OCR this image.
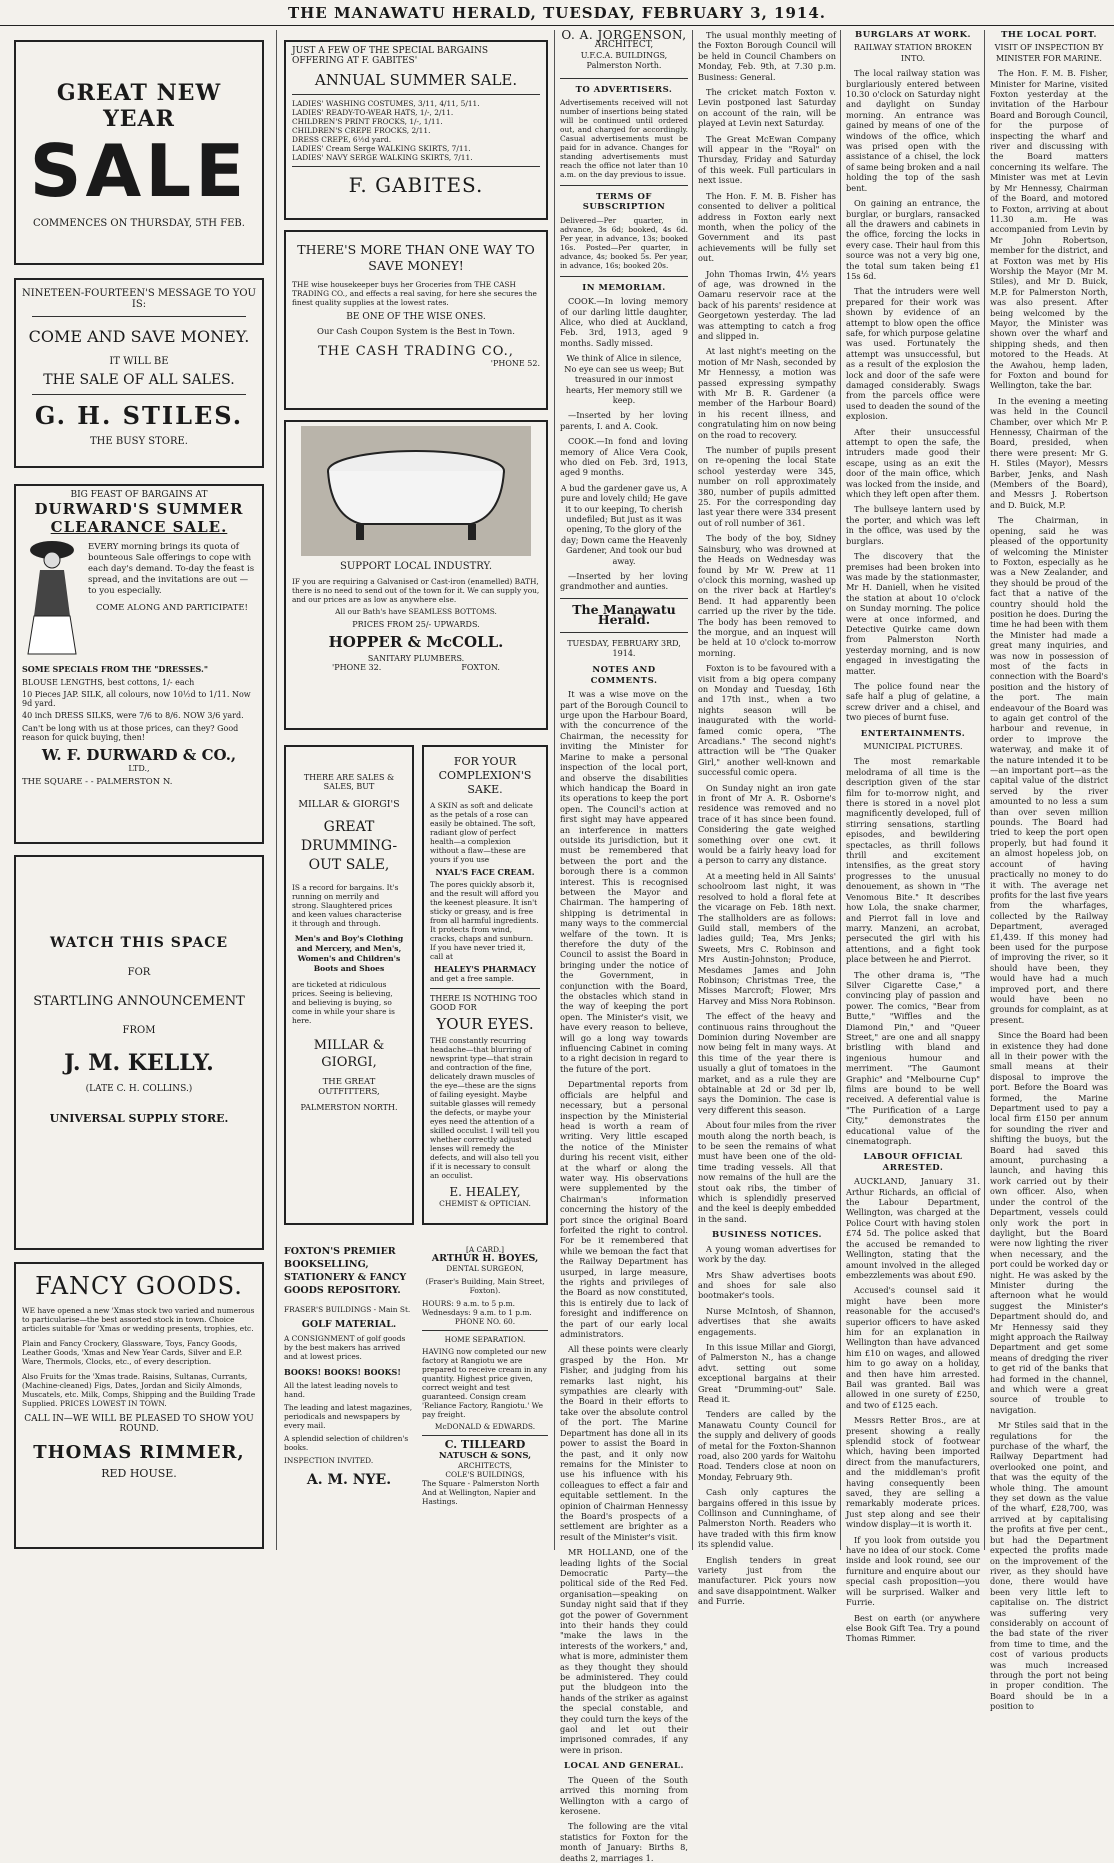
THE MANAWATU HERALD, TUESDAY, FEBRUARY 3, 1914.
GREAT NEW YEAR
SALE
COMMENCES ON THURSDAY, 5TH FEB.
NINETEEN-FOURTEEN'S MESSAGE TO YOU IS:
COME AND SAVE MONEY.
IT WILL BE
THE SALE OF ALL SALES.
G. H. STILES.
THE BUSY STORE.
BIG FEAST OF BARGAINS AT
DURWARD'S SUMMER
CLEARANCE SALE.
EVERY morning brings its quota of bounteous Sale offerings to cope with each day's demand. To-day the feast is spread, and the invitations are out —to you especially.
COME ALONG AND PARTICIPATE!
SOME SPECIALS FROM THE "DRESSES."
BLOUSE LENGTHS, best cottons, 1/- each
10 Pieces JAP. SILK, all colours, now 10½d to 1/11. Now 9d yard.
40 inch DRESS SILKS, were 7/6 to 8/6. NOW 3/6 yard.
Can't be long with us at those prices, can they? Good reason for quick buying, then!
W. F. DURWARD & CO.,
LTD.,
THE SQUARE - - PALMERSTON N.
WATCH THIS SPACE
FOR
STARTLING ANNOUNCEMENT
FROM
J. M. KELLY.
(LATE C. H. COLLINS.)
UNIVERSAL SUPPLY STORE.
FANCY GOODS.
WE have opened a new 'Xmas stock two varied and numerous to particularise—the best assorted stock in town. Choice articles suitable for 'Xmas or wedding presents, trophies, etc.
Plain and Fancy Crockery, Glassware, Toys, Fancy Goods, Leather Goods, 'Xmas and New Year Cards, Silver and E.P. Ware, Thermols, Clocks, etc., of every description.
Also Fruits for the 'Xmas trade. Raisins, Sultanas, Currants, (Machine-cleaned) Figs, Dates, Jordan and Sicily Almonds, Muscatels, etc. Milk, Comps, Shipping and the Building Trade Supplied. PRICES LOWEST IN TOWN.
CALL IN—WE WILL BE PLEASED TO SHOW YOU ROUND.
THOMAS RIMMER,
RED HOUSE.
JUST A FEW OF THE SPECIAL BARGAINS OFFERING AT F. GABITES'
ANNUAL SUMMER SALE.
LADIES' WASHING COSTUMES, 3/11, 4/11, 5/11.
LADIES' READY-TO-WEAR HATS, 1/-, 2/11.
CHILDREN'S PRINT FROCKS, 1/-, 1/11.
CHILDREN'S CREPE FROCKS, 2/11.
DRESS CREPE, 6½d yard.
LADIES' Cream Serge WALKING SKIRTS, 7/11.
LADIES' NAVY SERGE WALKING SKIRTS, 7/11.
F. GABITES.
THERE'S MORE THAN ONE WAY TO SAVE MONEY!
THE wise housekeeper buys her Groceries from THE CASH TRADING CO., and effects a real saving, for here she secures the finest quality supplies at the lowest rates.
BE ONE OF THE WISE ONES.
Our Cash Coupon System is the Best in Town.
THE CASH TRADING CO.,
'PHONE 52.
SUPPORT LOCAL INDUSTRY.
IF you are requiring a Galvanised or Cast-iron (enamelled) BATH, there is no need to send out of the town for it. We can supply you, and our prices are as low as anywhere else.
All our Bath's have SEAMLESS BOTTOMS.
PRICES FROM 25/- UPWARDS.
HOPPER & McCOLL.
SANITARY PLUMBERS.
'PHONE 32.	FOXTON.
THERE ARE SALES & SALES, BUT
MILLAR & GIORGI'S
GREAT DRUMMING-OUT SALE,
IS a record for bargains. It's running on merrily and strong. Slaughtered prices and keen values characterise it through and through.
Men's and Boy's Clothing and Mercery, and Men's, Women's and Children's Boots and Shoes
are ticketed at ridiculous prices. Seeing is believing, and believing is buying, so come in while your share is here.
MILLAR & GIORGI,
THE GREAT OUTFITTERS,
PALMERSTON NORTH.
FOR YOUR COMPLEXION'S SAKE.
A SKIN as soft and delicate as the petals of a rose can easily be obtained. The soft, radiant glow of perfect health—a complexion without a flaw—these are yours if you use
NYAL'S FACE CREAM.
The pores quickly absorb it, and the result will afford you the keenest pleasure. It isn't sticky or greasy, and is free from all harmful ingredients. It protects from wind, cracks, chaps and sunburn. If you have never tried it, call at
HEALEY'S PHARMACY
and get a free sample.
THERE IS NOTHING TOO GOOD FOR
YOUR EYES.
THE constantly recurring headache—that blurring of newsprint type—that strain and contraction of the fine, delicately drawn muscles of the eye—these are the signs of failing eyesight. Maybe suitable glasses will remedy the defects, or maybe your eyes need the attention of a skilled occulist. I will tell you whether correctly adjusted lenses will remedy the defects, and will also tell you if it is necessary to consult an occulist.
E. HEALEY,
CHEMIST & OPTICIAN.
FOXTON'S PREMIER BOOKSELLING, STATIONERY & FANCY GOODS REPOSITORY.
FRASER'S BUILDINGS - Main St.
GOLF MATERIAL.
A CONSIGNMENT of golf goods by the best makers has arrived and at lowest prices.
BOOKS! BOOKS! BOOKS!
All the latest leading novels to hand.
The leading and latest magazines, periodicals and newspapers by every mail.
A splendid selection of children's books.
INSPECTION INVITED.
A. M. NYE.
[A CARD.]
ARTHUR H. BOYES,
DENTAL SURGEON,
(Fraser's Building, Main Street, Foxton).
HOURS: 9 a.m. to 5 p.m. Wednesdays: 9 a.m. to 1 p.m.
PHONE NO. 60.
HOME SEPARATION.
HAVING now completed our new factory at Rangiotu we are prepared to receive cream in any quantity. Highest price given, correct weight and test guaranteed. Consign cream 'Reliance Factory, Rangiotu.' We pay freight.
McDONALD & EDWARDS.
C. TILLEARD
NATUSCH & SONS,
ARCHITECTS,
COLE'S BUILDINGS,
The Square - Palmerston North
And at Wellington, Napier and Hastings.
O. A. JORGENSON,
ARCHITECT,
U.F.C.A. BUILDINGS,
Palmerston North.
TO ADVERTISERS.
Advertisements received will not number of insertions being stated will be continued until ordered out, and charged for accordingly. Casual advertisements must be paid for in advance. Changes for standing advertisements must reach the office not later than 10 a.m. on the day previous to issue.
TERMS OF SUBSCRIPTION
Delivered—Per quarter, in advance, 3s 6d; booked, 4s 6d. Per year, in advance, 13s; booked 16s. Posted—Per quarter, in advance, 4s; booked 5s. Per year, in advance, 16s; booked 20s.
IN MEMORIAM.
COOK.—In loving memory of our darling little daughter, Alice, who died at Auckland, Feb. 3rd, 1913, aged 9 months. Sadly missed.
We think of Alice in silence, No eye can see us weep; But treasured in our inmost hearts, Her memory still we keep.
—Inserted by her loving parents, I. and A. Cook.
COOK.—In fond and loving memory of Alice Vera Cook, who died on Feb. 3rd, 1913, aged 9 months.
A bud the gardener gave us, A pure and lovely child; He gave it to our keeping, To cherish undefiled; But just as it was opening, To the glory of the day; Down came the Heavenly Gardener, And took our bud away.
—Inserted by her loving grandmother and aunties.
The Manawatu Herald.
TUESDAY, FEBRUARY 3RD, 1914.
NOTES AND COMMENTS.
It was a wise move on the part of the Borough Council to urge upon the Harbour Board, with the concurrence of the Chairman, the necessity for inviting the Minister for Marine to make a personal inspection of the local port, and observe the disabilities which handicap the Board in its operations to keep the port open. The Council's action at first sight may have appeared an interference in matters outside its jurisdiction, but it must be remembered that between the port and the borough there is a common interest. This is recognised between the Mayor and Chairman. The hampering of shipping is detrimental in many ways to the commercial welfare of the town. It is therefore the duty of the Council to assist the Board in bringing under the notice of the Government, in conjunction with the Board, the obstacles which stand in the way of keeping the port open. The Minister's visit, we have every reason to believe, will go a long way towards influencing Cabinet in coming to a right decision in regard to the future of the port.
Departmental reports from officials are helpful and necessary, but a personal inspection by the Ministerial head is worth a ream of writing. Very little escaped the notice of the Minister during his recent visit, either at the wharf or along the water way. His observations were supplemented by the Chairman's information concerning the history of the port since the original Board forfeited the right to control. For be it remembered that while we bemoan the fact that the Railway Department has usurped, in large measure, the rights and privileges of the Board as now constituted, this is entirely due to lack of foresight and indifference on the part of our early local administrators.
All these points were clearly grasped by the Hon. Mr Fisher, and judging from his remarks last night, his sympathies are clearly with the Board in their efforts to take over the absolute control of the port. The Marine Department has done all in its power to assist the Board in the past, and it only now remains for the Minister to use his influence with his colleagues to effect a fair and equitable settlement. In the opinion of Chairman Hennessy the Board's prospects of a settlement are brighter as a result of the Minister's visit.
MR HOLLAND, one of the leading lights of the Social Democratic Party—the political side of the Red Fed. organisation—speaking on Sunday night said that if they got the power of Government into their hands they could "make the laws in the interests of the workers," and, what is more, administer them as they thought they should be administered. They could put the bludgeon into the hands of the striker as against the special constable, and they could turn the keys of the gaol and let out their imprisoned comrades, if any were in prison.
LOCAL AND GENERAL.
The Queen of the South arrived this morning from Wellington with a cargo of kerosene.
The following are the vital statistics for Foxton for the month of January: Births 8, deaths 2, marriages 1.
The usual monthly meeting of the Foxton Borough Council will be held in Council Chambers on Monday, Feb. 9th, at 7.30 p.m. Business: General.
The cricket match Foxton v. Levin postponed last Saturday on account of the rain, will be played at Levin next Saturday.
The Great McEwan Company will appear in the "Royal" on Thursday, Friday and Saturday of this week. Full particulars in next issue.
The Hon. F. M. B. Fisher has consented to deliver a political address in Foxton early next month, when the policy of the Government and its past achievements will be fully set out.
John Thomas Irwin, 4½ years of age, was drowned in the Oamaru reservoir race at the back of his parents' residence at Georgetown yesterday. The lad was attempting to catch a frog and slipped in.
At last night's meeting on the motion of Mr Nash, seconded by Mr Hennessy, a motion was passed expressing sympathy with Mr B. R. Gardener (a member of the Harbour Board) in his recent illness, and congratulating him on now being on the road to recovery.
The number of pupils present on re-opening the local State school yesterday were 345, number on roll approximately 380, number of pupils admitted 25. For the corresponding day last year there were 334 present out of roll number of 361.
The body of the boy, Sidney Sainsbury, who was drowned at the Heads on Wednesday was found by Mr W. Prew at 11 o'clock this morning, washed up on the river back at Hartley's Bend. It had apparently been carried up the river by the tide. The body has been removed to the morgue, and an inquest will be held at 10 o'clock to-morrow morning.
Foxton is to be favoured with a visit from a big opera company on Monday and Tuesday, 16th and 17th inst., when a two nights season will be inaugurated with the world-famed comic opera, "The Arcadians." The second night's attraction will be "The Quaker Girl," another well-known and successful comic opera.
On Sunday night an iron gate in front of Mr A. R. Osborne's residence was removed and no trace of it has since been found. Considering the gate weighed something over one cwt. it would be a fairly heavy load for a person to carry any distance.
At a meeting held in All Saints' schoolroom last night, it was resolved to hold a floral fete at the vicarage on Feb. 18th next. The stallholders are as follows: Guild stall, members of the ladies guild; Tea, Mrs Jenks; Sweets, Mrs C. Robinson and Mrs Austin-Johnston; Produce, Mesdames James and John Robinson; Christmas Tree, the Misses Marcroft; Flower, Mrs Harvey and Miss Nora Robinson.
The effect of the heavy and continuous rains throughout the Dominion during November are now being felt in many ways. At this time of the year there is usually a glut of tomatoes in the market, and as a rule they are obtainable at 2d or 3d per lb, says the Dominion. The case is very different this season.
About four miles from the river mouth along the north beach, is to be seen the remains of what must have been one of the old-time trading vessels. All that now remains of the hull are the stout oak ribs, the timber of which is splendidly preserved and the keel is deeply embedded in the sand.
BUSINESS NOTICES.
A young woman advertises for work by the day.
Mrs Shaw advertises boots and shoes for sale also bootmaker's tools.
Nurse McIntosh, of Shannon, advertises that she awaits engagements.
In this issue Millar and Giorgi, of Palmerston N., has a change advt. setting out some exceptional bargains at their Great "Drumming-out" Sale. Read it.
Tenders are called by the Manawatu County Council for the supply and delivery of goods of metal for the Foxton-Shannon road, also 200 yards for Waitohu Road. Tenders close at noon on Monday, February 9th.
Cash only captures the bargains offered in this issue by Collinson and Cunninghame, of Palmerston North. Readers who have traded with this firm know its splendid value.
English tenders in great variety just from the manufacturer. Pick yours now and save disappointment. Walker and Furrie.
BURGLARS AT WORK.
RAILWAY STATION BROKEN INTO.
The local railway station was burglariously entered between 10.30 o'clock on Saturday night and daylight on Sunday morning. An entrance was gained by means of one of the windows of the office, which was prised open with the assistance of a chisel, the lock of same being broken and a nail holding the top of the sash bent.
On gaining an entrance, the burglar, or burglars, ransacked all the drawers and cabinets in the office, forcing the locks in every case. Their haul from this source was not a very big one, the total sum taken being £1 15s 6d.
That the intruders were well prepared for their work was shown by evidence of an attempt to blow open the office safe, for which purpose gelatine was used. Fortunately the attempt was unsuccessful, but as a result of the explosion the lock and door of the safe were damaged considerably. Swags from the parcels office were used to deaden the sound of the explosion.
After their unsuccessful attempt to open the safe, the intruders made good their escape, using as an exit the door of the main office, which was locked from the inside, and which they left open after them.
The bullseye lantern used by the porter, and which was left in the office, was used by the burglars.
The discovery that the premises had been broken into was made by the stationmaster, Mr H. Daniell, when he visited the station at about 10 o'clock on Sunday morning. The police were at once informed, and Detective Quirke came down from Palmerston North yesterday morning, and is now engaged in investigating the matter.
The police found near the safe half a plug of gelatine, a screw driver and a chisel, and two pieces of burnt fuse.
ENTERTAINMENTS.
MUNICIPAL PICTURES.
The most remarkable melodrama of all time is the description given of the star film for to-morrow night, and there is stored in a novel plot magnificently developed, full of stirring sensations, startling episodes, and bewildering spectacles, as thrill follows thrill and excitement intensifies, as the great story progresses to the unusual denouement, as shown in "The Venomous Bite." It describes how Lola, the snake charmer, and Pierrot fall in love and marry. Manzeni, an acrobat, persecuted the girl with his attentions, and a fight took place between he and Pierrot.
The other drama is, "The Silver Cigarette Case," a convincing play of passion and power. The comics, "Bear from Butte," "Wiffles and the Diamond Pin," and "Queer Street," are one and all snappy bristling with bland and ingenious humour and merriment. "The Gaumont Graphic" and "Melbourne Cup" films are bound to be well received. A deferential value is "The Purification of a Large City," demonstrates the educational value of the cinematograph.
LABOUR OFFICIAL ARRESTED.
AUCKLAND, January 31. Arthur Richards, an official of the Labour Department, Wellington, was charged at the Police Court with having stolen £74 5d. The police asked that the accused be remanded to Wellington, stating that the amount involved in the alleged embezzlements was about £90.
Accused's counsel said it might have been more reasonable for the accused's superior officers to have asked him for an explanation in Wellington than have advanced him £10 on wages, and allowed him to go away on a holiday, and then have him arrested. Bail was granted. Bail was allowed in one surety of £250, and two of £125 each.
Messrs Retter Bros., are at present showing a really splendid stock of footwear which, having been imported direct from the manufacturers, and the middleman's profit having consequently been saved, they are selling a remarkably moderate prices. Just step along and see their window display—it is worth it.
If you look from outside you have no idea of our stock. Come inside and look round, see our furniture and enquire about our special cash proposition—you will be surprised. Walker and Furrie.
Best on earth (or anywhere else Book Gift Tea. Try a pound Thomas Rimmer.
THE LOCAL PORT.
VISIT OF INSPECTION BY MINISTER FOR MARINE.
The Hon. F. M. B. Fisher, Minister for Marine, visited Foxton yesterday at the invitation of the Harbour Board and Borough Council, for the purpose of inspecting the wharf and river and discussing with the Board matters concerning its welfare. The Minister was met at Levin by Mr Hennessy, Chairman of the Board, and motored to Foxton, arriving at about 11.30 a.m. He was accompanied from Levin by Mr John Robertson, member for the district, and at Foxton was met by His Worship the Mayor (Mr M. Stiles), and Mr D. Buick, M.P. for Palmerston North, was also present. After being welcomed by the Mayor, the Minister was shown over the wharf and shipping sheds, and then motored to the Heads. At the Awahou, hemp laden, for Foxton and bound for Wellington, take the bar.
In the evening a meeting was held in the Council Chamber, over which Mr P. Hennessy, Chairman of the Board, presided, when there were present: Mr G. H. Stiles (Mayor), Messrs Barber, Jenks, and Nash (Members of the Board), and Messrs J. Robertson and D. Buick, M.P.
The Chairman, in opening, said he was pleased of the opportunity of welcoming the Minister to Foxton, especially as he was a New Zealander, and they should be proud of the fact that a native of the country should hold the position he does. During the time he had been with them the Minister had made a great many inquiries, and was now in possession of most of the facts in connection with the Board's position and the history of the port. The main endeavour of the Board was to again get control of the harbour and revenue, in order to improve the waterway, and make it of the nature intended it to be—an important port—as the capital value of the district served by the river amounted to no less a sum than over seven million pounds. The Board had tried to keep the port open properly, but had found it an almost hopeless job, on account of having practically no money to do it with. The average net profits for the last five years from the wharfages, collected by the Railway Department, averaged £1,439. If this money had been used for the purpose of improving the river, so it should have been, they would have had a much improved port, and there would have been no grounds for complaint, as at present.
Since the Board had been in existence they had done all in their power with the small means at their disposal to improve the port. Before the Board was formed, the Marine Department used to pay a local firm £150 per annum for sounding the river and shifting the buoys, but the Board had saved this amount, purchasing a launch, and having this work carried out by their own officer. Also, when under the control of the Department, vessels could only work the port in daylight, but the Board were now lighting the river when necessary, and the port could be worked day or night. He was asked by the Minister during the afternoon what he would suggest the Minister's Department should do, and Mr Hennessy said they might approach the Railway Department and get some means of dredging the river to get rid of the banks that had formed in the channel, and which were a great source of trouble to navigation.
Mr Stiles said that in the regulations for the purchase of the wharf, the Railway Department had overlooked one point, and that was the equity of the whole thing. The amount they set down as the value of the wharf, £28,700, was arrived at by capitalising the profits at five per cent., but had the Department expected the profits made on the improvement of the river, as they should have done, there would have been very little left to capitalise on. The district was suffering very considerably on account of the bad state of the river from time to time, and the cost of various products was much increased through the port not being in proper condition. The Board should be in a position to
